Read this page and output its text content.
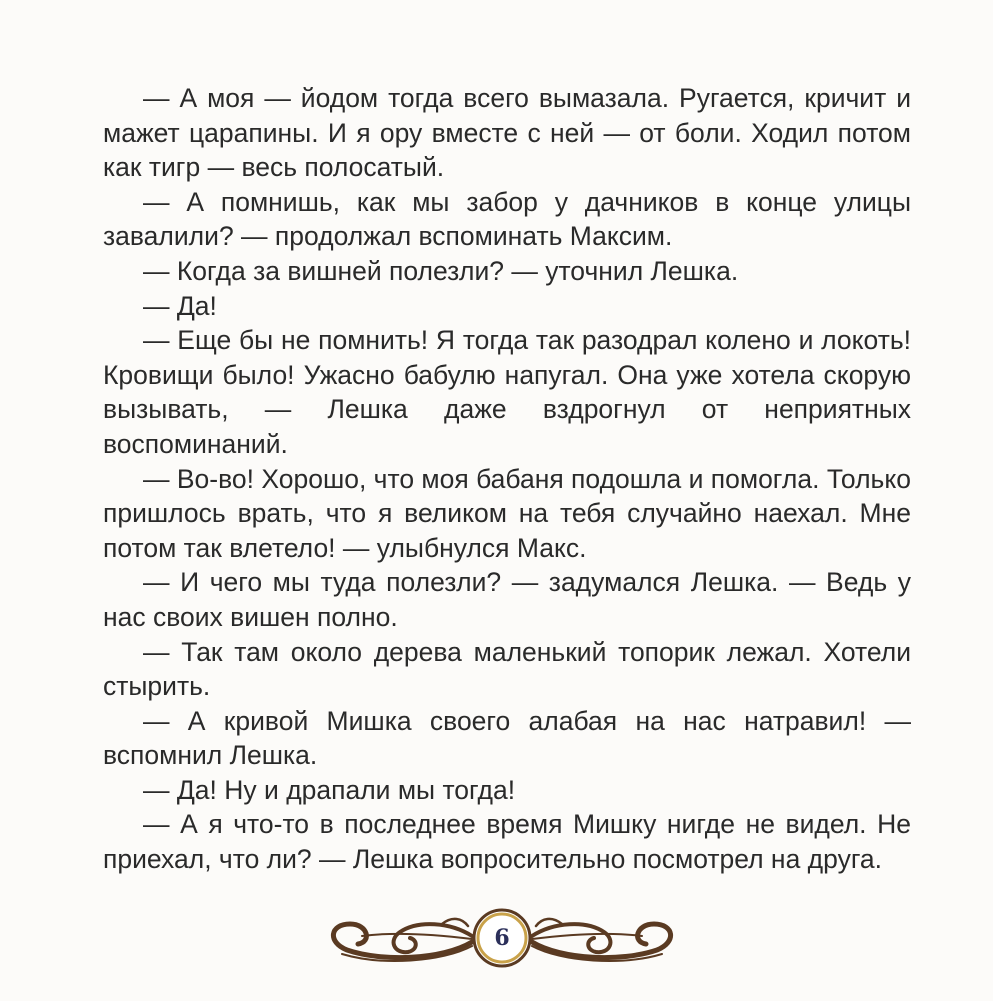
— А моя — йодом тогда всего вымазала. Ругается, кричит и мажет царапины. И я ору вместе с ней — от боли. Ходил потом как тигр — весь полосатый.

— А помнишь, как мы забор у дачников в конце улицы завалили? — продолжал вспоминать Максим.

— Когда за вишней полезли? — уточнил Лешка.

— Да!

— Еще бы не помнить! Я тогда так разодрал колено и локоть! Кровищи было! Ужасно бабулю напугал. Она уже хотела скорую вызывать, — Лешка даже вздрогнул от неприятных воспоминаний.

— Во-во! Хорошо, что моя бабаня подошла и помогла. Только пришлось врать, что я великом на тебя случайно наехал. Мне потом так влетело! — улыбнулся Макс.

— И чего мы туда полезли? — задумался Лешка. — Ведь у нас своих вишен полно.

— Так там около дерева маленький топорик лежал. Хотели стырить.

— А кривой Мишка своего алабая на нас натравил! — вспомнил Лешка.

— Да! Ну и драпали мы тогда!

— А я что-то в последнее время Мишку нигде не видел. Не приехал, что ли? — Лешка вопросительно посмотрел на друга.

6
